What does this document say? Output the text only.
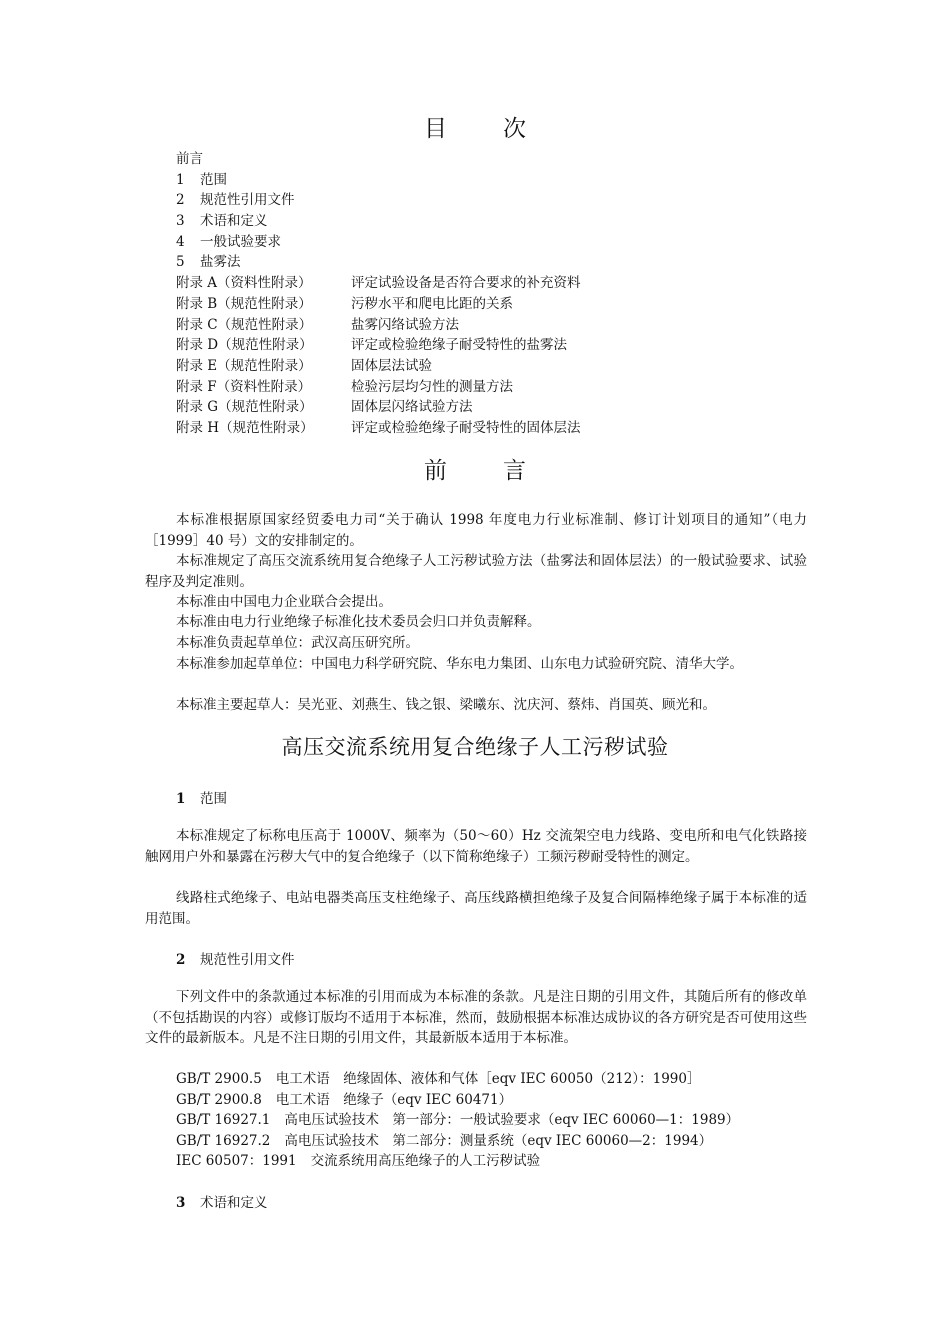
目次
前言
1 范围
2 规范性引用文件
3 术语和定义
4 一般试验要求
5 盐雾法
附录 A（资料性附录）	评定试验设备是否符合要求的补充资料
附录 B（规范性附录）	污秽水平和爬电比距的关系
附录 C（规范性附录）	盐雾闪络试验方法
附录 D（规范性附录）	评定或检验绝缘子耐受特性的盐雾法
附录 E（规范性附录）	固体层法试验
附录 F（资料性附录）	检验污层均匀性的测量方法
附录 G（规范性附录）	固体层闪络试验方法
附录 H（规范性附录）	评定或检验绝缘子耐受特性的固体层法
前言
本标准根据原国家经贸委电力司“关于确认 1998 年度电力行业标准制、修订计划项目的通知”（电力［1999］40 号）文的安排制定的。
本标准规定了高压交流系统用复合绝缘子人工污秽试验方法（盐雾法和固体层法）的一般试验要求、试验程序及判定准则。
本标准由中国电力企业联合会提出。
本标准由电力行业绝缘子标准化技术委员会归口并负责解释。
本标准负责起草单位：武汉高压研究所。
本标准参加起草单位：中国电力科学研究院、华东电力集团、山东电力试验研究院、清华大学。
本标准主要起草人：吴光亚、刘燕生、钱之银、梁曦东、沈庆河、蔡炜、肖国英、顾光和。
高压交流系统用复合绝缘子人工污秽试验
1 范围
本标准规定了标称电压高于 1000V、频率为（50～60）Hz 交流架空电力线路、变电所和电气化铁路接触网用户外和暴露在污秽大气中的复合绝缘子（以下简称绝缘子）工频污秽耐受特性的测定。
线路柱式绝缘子、电站电器类高压支柱绝缘子、高压线路横担绝缘子及复合间隔棒绝缘子属于本标准的适用范围。
2 规范性引用文件
下列文件中的条款通过本标准的引用而成为本标准的条款。凡是注日期的引用文件，其随后所有的修改单（不包括勘误的内容）或修订版均不适用于本标准，然而，鼓励根据本标准达成协议的各方研究是否可使用这些文件的最新版本。凡是不注日期的引用文件，其最新版本适用于本标准。
GB/T 2900.5 电工术语　绝缘固体、液体和气体［eqv IEC 60050（212）：1990］
GB/T 2900.8 电工术语　绝缘子（eqv IEC 60471）
GB/T 16927.1 高电压试验技术　第一部分：一般试验要求（eqv IEC 60060—1：1989）
GB/T 16927.2 高电压试验技术　第二部分：测量系统（eqv IEC 60060—2：1994）
IEC 60507：1991 交流系统用高压绝缘子的人工污秽试验
3 术语和定义
